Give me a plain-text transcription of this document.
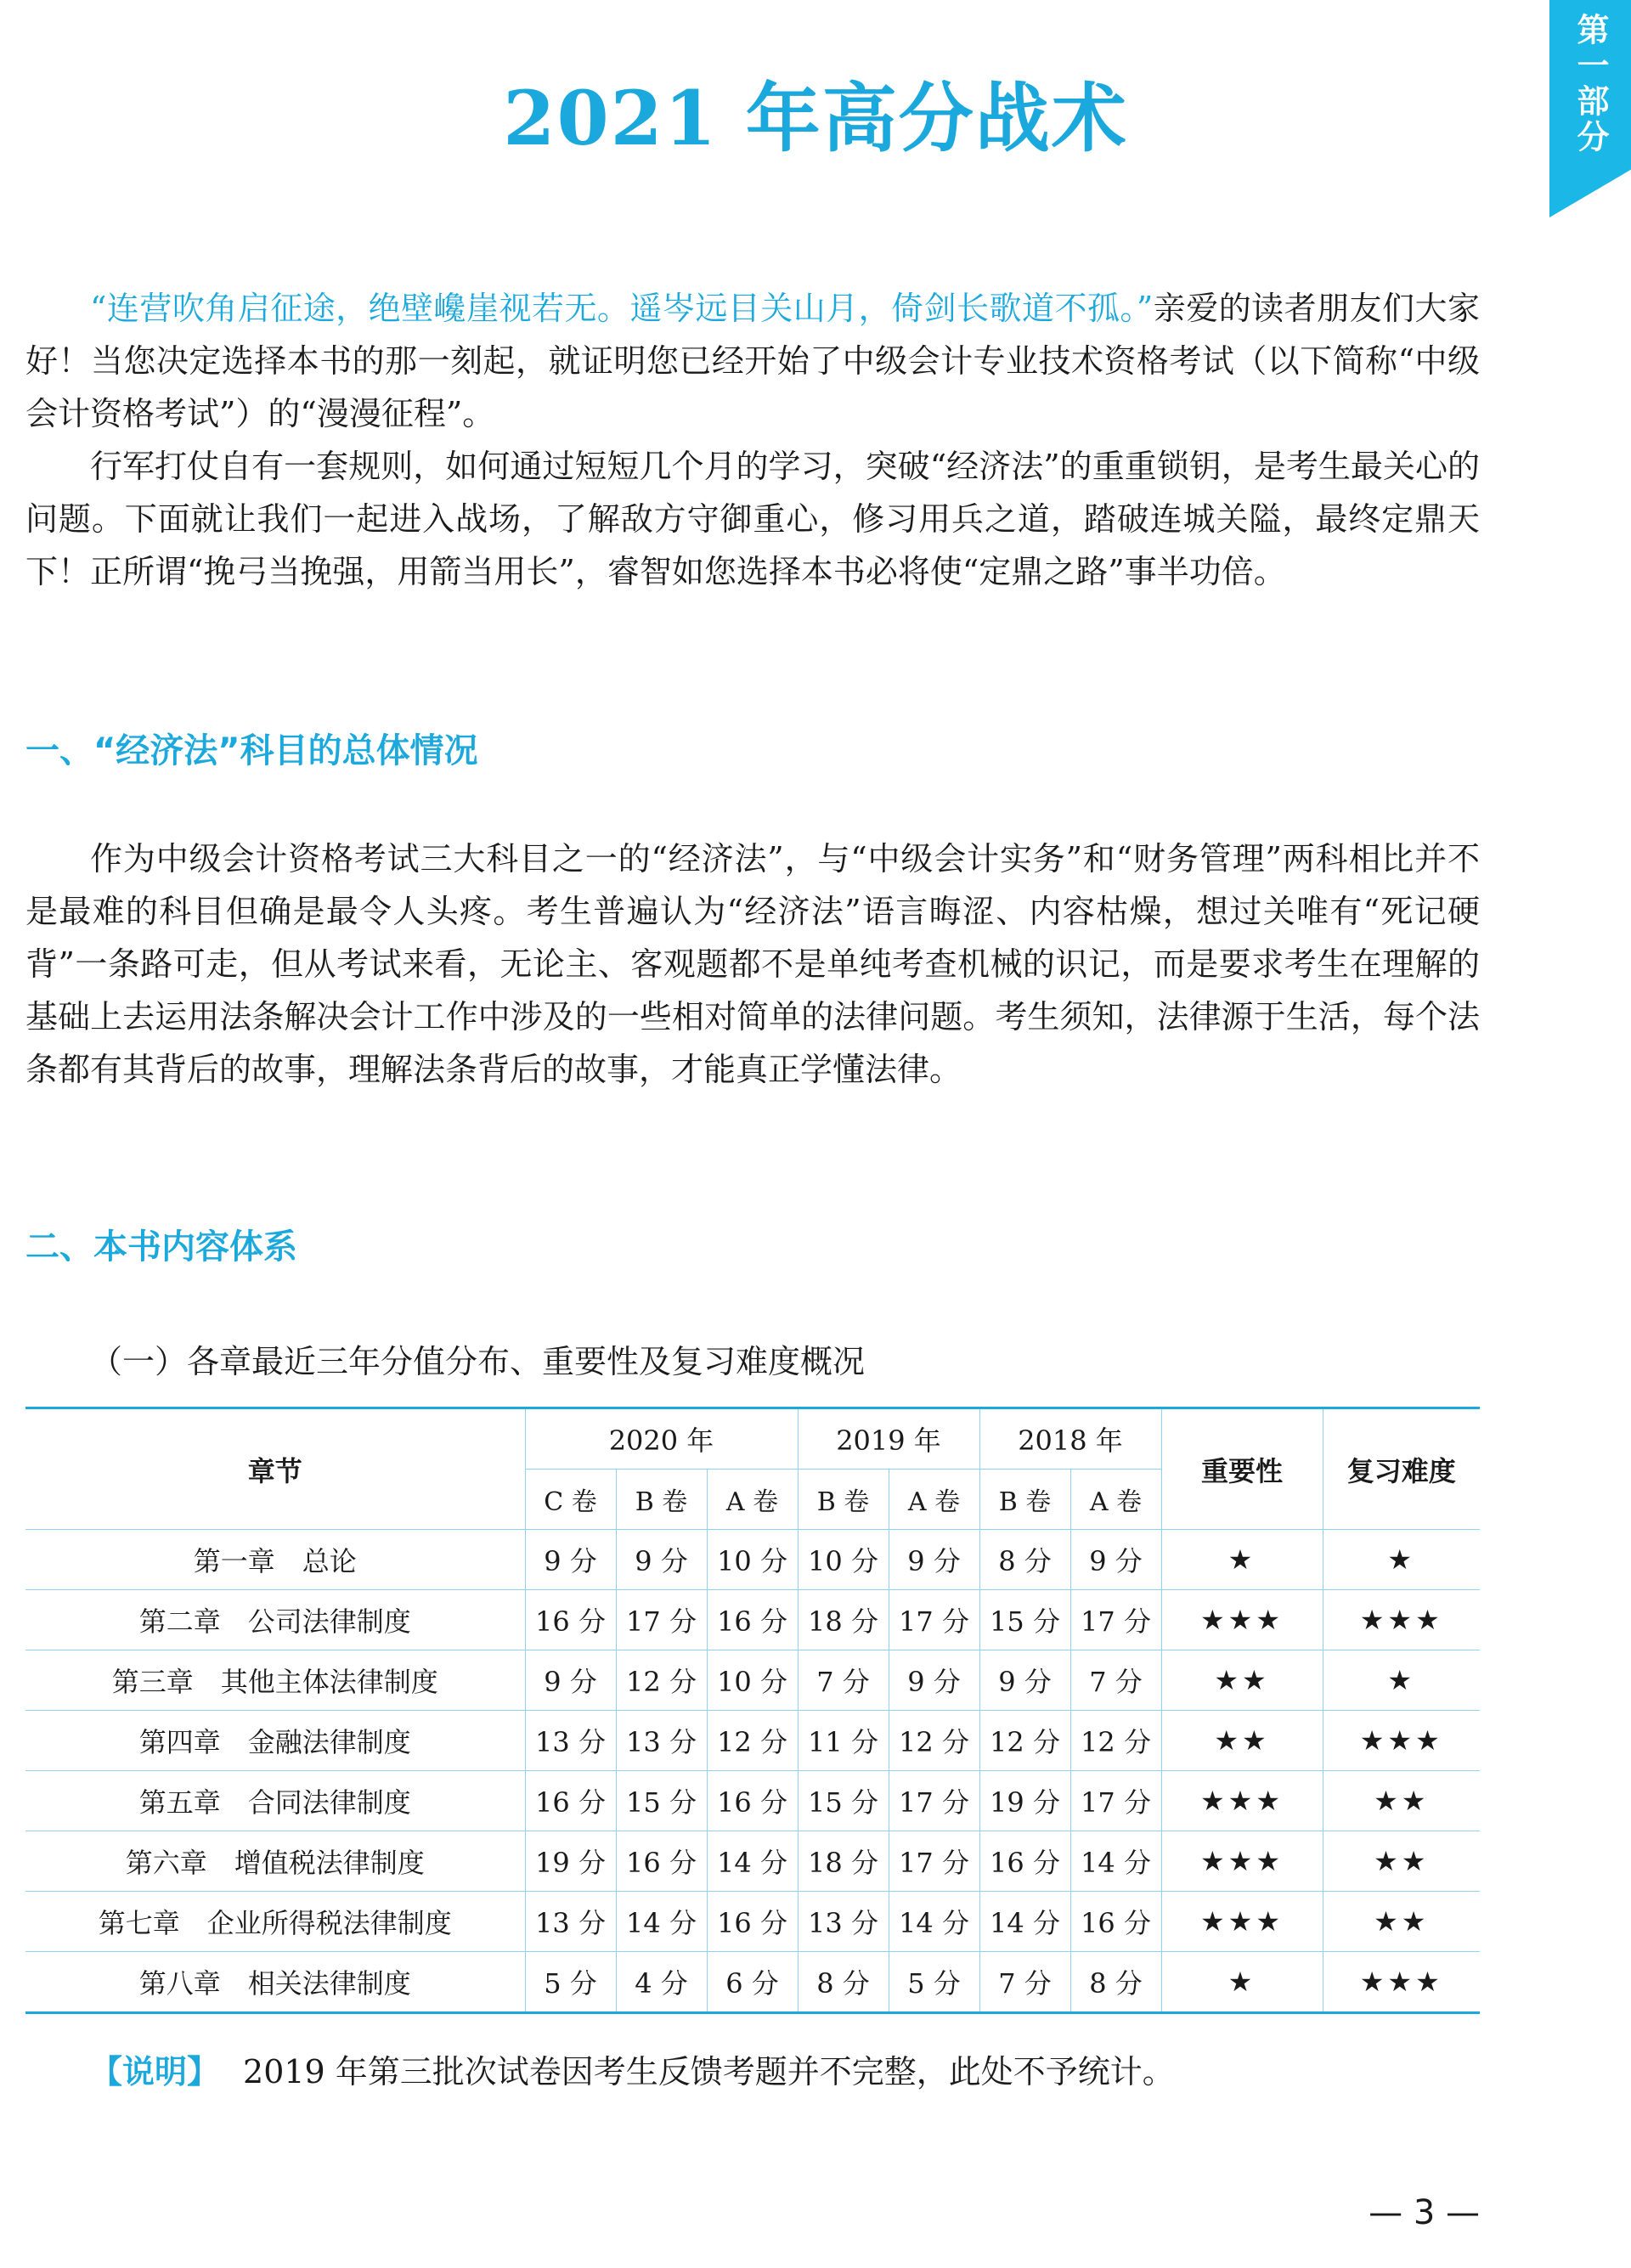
第一部分
2021 年高分战术

“连营吹角启征途，绝壁巉崖视若无。遥岑远目关山月，倚剑长歌道不孤。”亲爱的读者朋友们大家好！当您决定选择本书的那一刻起，就证明您已经开始了中级会计专业技术资格考试（以下简称“中级会计资格考试”）的“漫漫征程”。

行军打仗自有一套规则，如何通过短短几个月的学习，突破“经济法”的重重锁钥，是考生最关心的问题。下面就让我们一起进入战场，了解敌方守御重心，修习用兵之道，踏破连城关隘，最终定鼎天下！正所谓“挽弓当挽强，用箭当用长”，睿智如您选择本书必将使“定鼎之路”事半功倍。

一、“经济法”科目的总体情况

作为中级会计资格考试三大科目之一的“经济法”，与“中级会计实务”和“财务管理”两科相比并不是最难的科目但确是最令人头疼。考生普遍认为“经济法”语言晦涩、内容枯燥，想过关唯有“死记硬背”一条路可走，但从考试来看，无论主、客观题都不是单纯考查机械的识记，而是要求考生在理解的基础上去运用法条解决会计工作中涉及的一些相对简单的法律问题。考生须知，法律源于生活，每个法条都有其背后的故事，理解法条背后的故事，才能真正学懂法律。

二、本书内容体系
（一）各章最近三年分值分布、重要性及复习难度概况
章节	2020 年			2019 年		2018 年		重要性	复习难度
	C 卷	B 卷	A 卷	B 卷	A 卷	B 卷	A 卷		
第一章　总论	9 分	9 分	10 分	10 分	9 分	8 分	9 分	★	★
第二章　公司法律制度	16 分	17 分	16 分	18 分	17 分	15 分	17 分	★★★	★★★
第三章　其他主体法律制度	9 分	12 分	10 分	7 分	9 分	9 分	7 分	★★	★
第四章　金融法律制度	13 分	13 分	12 分	11 分	12 分	12 分	12 分	★★	★★★
第五章　合同法律制度	16 分	15 分	16 分	15 分	17 分	19 分	17 分	★★★	★★
第六章　增值税法律制度	19 分	16 分	14 分	18 分	17 分	16 分	14 分	★★★	★★
第七章　企业所得税法律制度	13 分	14 分	16 分	13 分	14 分	14 分	16 分	★★★	★★
第八章　相关法律制度	5 分	4 分	6 分	8 分	5 分	7 分	8 分	★	★★★
【说明】 2019 年第三批次试卷因考生反馈考题并不完整，此处不予统计。
— 3 —
